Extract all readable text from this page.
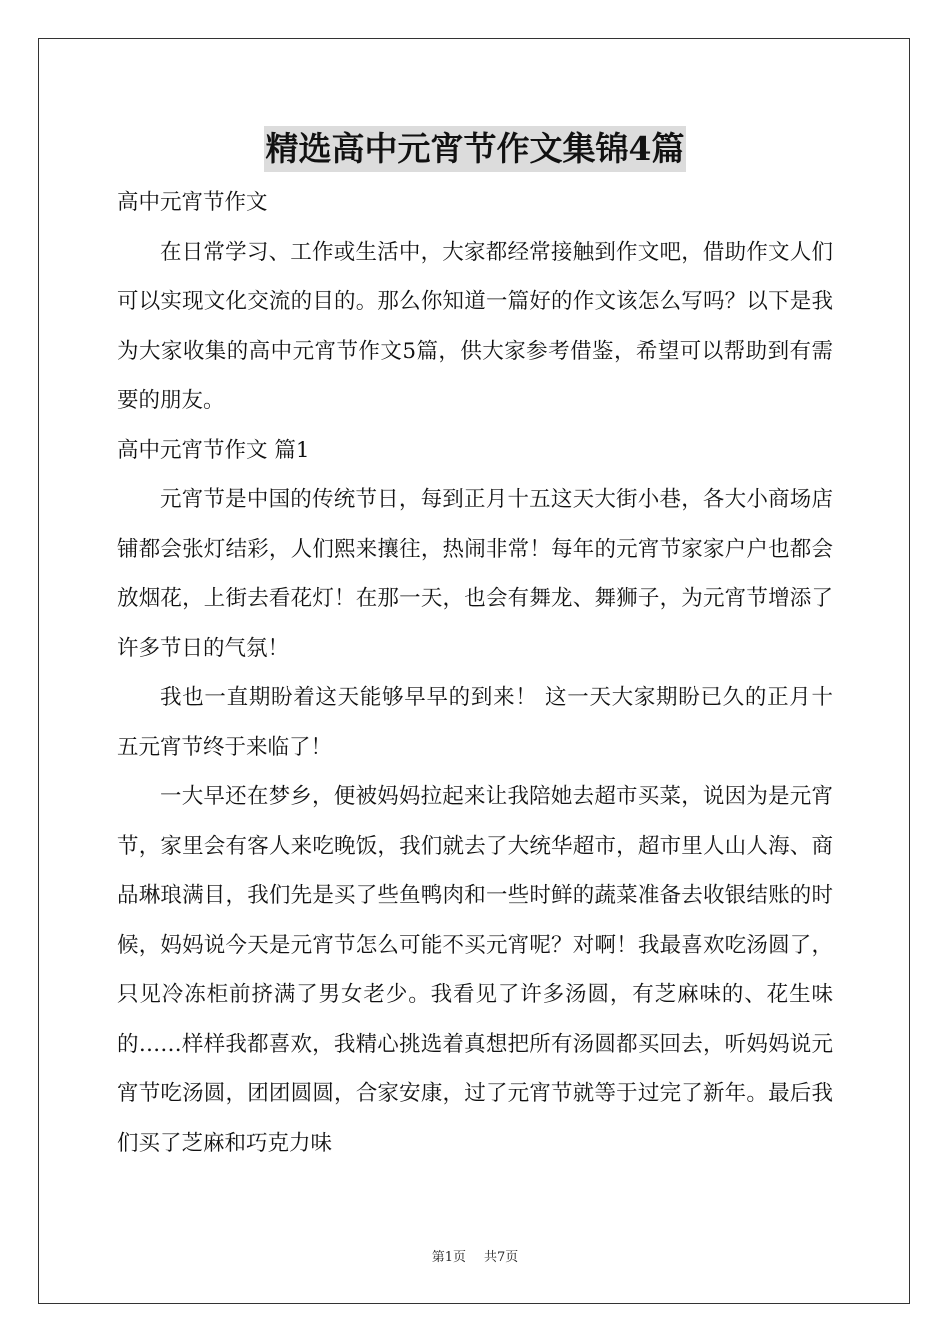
精选高中元宵节作文集锦4篇

高中元宵节作文

在日常学习、工作或生活中，大家都经常接触到作文吧，借助作文人们可以实现文化交流的目的。那么你知道一篇好的作文该怎么写吗？以下是我为大家收集的高中元宵节作文5篇，供大家参考借鉴，希望可以帮助到有需要的朋友。

高中元宵节作文 篇1

元宵节是中国的传统节日，每到正月十五这天大街小巷，各大小商场店铺都会张灯结彩，人们熙来攘往，热闹非常！每年的元宵节家家户户也都会放烟花，上街去看花灯！在那一天，也会有舞龙、舞狮子，为元宵节增添了许多节日的气氛！

我也一直期盼着这天能够早早的到来！ 这一天大家期盼已久的正月十五元宵节终于来临了！

一大早还在梦乡，便被妈妈拉起来让我陪她去超市买菜，说因为是元宵节，家里会有客人来吃晚饭，我们就去了大统华超市，超市里人山人海、商品琳琅满目，我们先是买了些鱼鸭肉和一些时鲜的蔬菜准备去收银结账的时候，妈妈说今天是元宵节怎么可能不买元宵呢？对啊！我最喜欢吃汤圆了，只见冷冻柜前挤满了男女老少。我看见了许多汤圆，有芝麻味的、花生味的……样样我都喜欢，我精心挑选着真想把所有汤圆都买回去，听妈妈说元宵节吃汤圆，团团圆圆，合家安康，过了元宵节就等于过完了新年。最后我们买了芝麻和巧克力味

第1页 共7页
